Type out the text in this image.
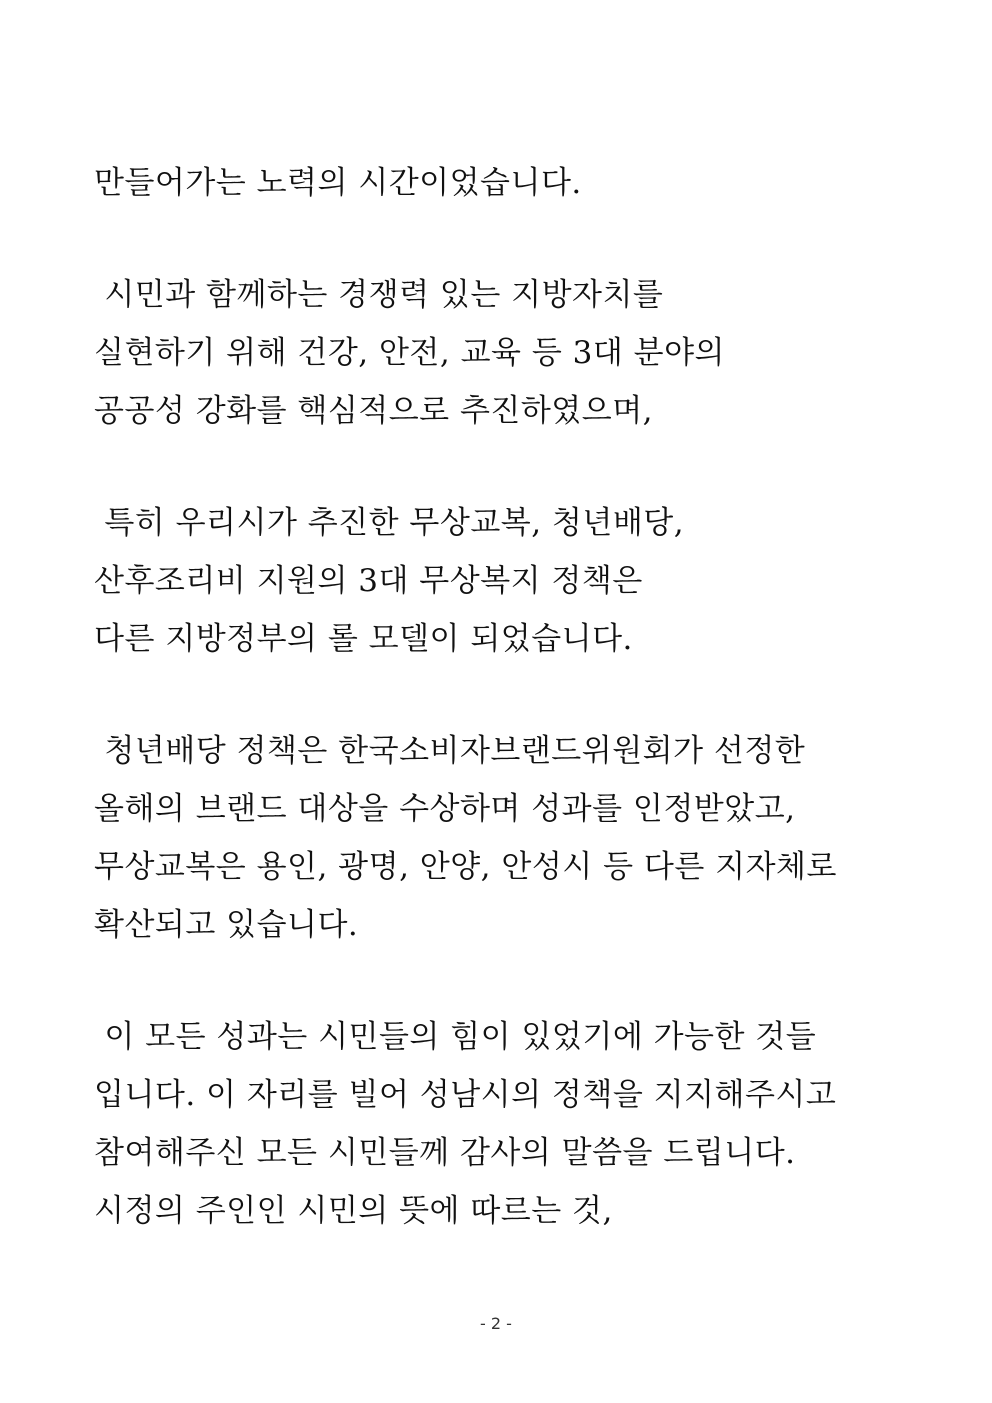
만들어가는 노력의 시간이었습니다.
시민과 함께하는 경쟁력 있는 지방자치를
실현하기 위해 건강, 안전, 교육 등 3대 분야의
공공성 강화를 핵심적으로 추진하였으며,
특히 우리시가 추진한 무상교복, 청년배당,
산후조리비 지원의 3대 무상복지 정책은
다른 지방정부의 롤 모델이 되었습니다.
청년배당 정책은 한국소비자브랜드위원회가 선정한
올해의 브랜드 대상을 수상하며 성과를 인정받았고,
무상교복은 용인, 광명, 안양, 안성시 등 다른 지자체로
확산되고 있습니다.
이 모든 성과는 시민들의 힘이 있었기에 가능한 것들
입니다. 이 자리를 빌어 성남시의 정책을 지지해주시고
참여해주신 모든 시민들께 감사의 말씀을 드립니다.
시정의 주인인 시민의 뜻에 따르는 것,
- 2 -
